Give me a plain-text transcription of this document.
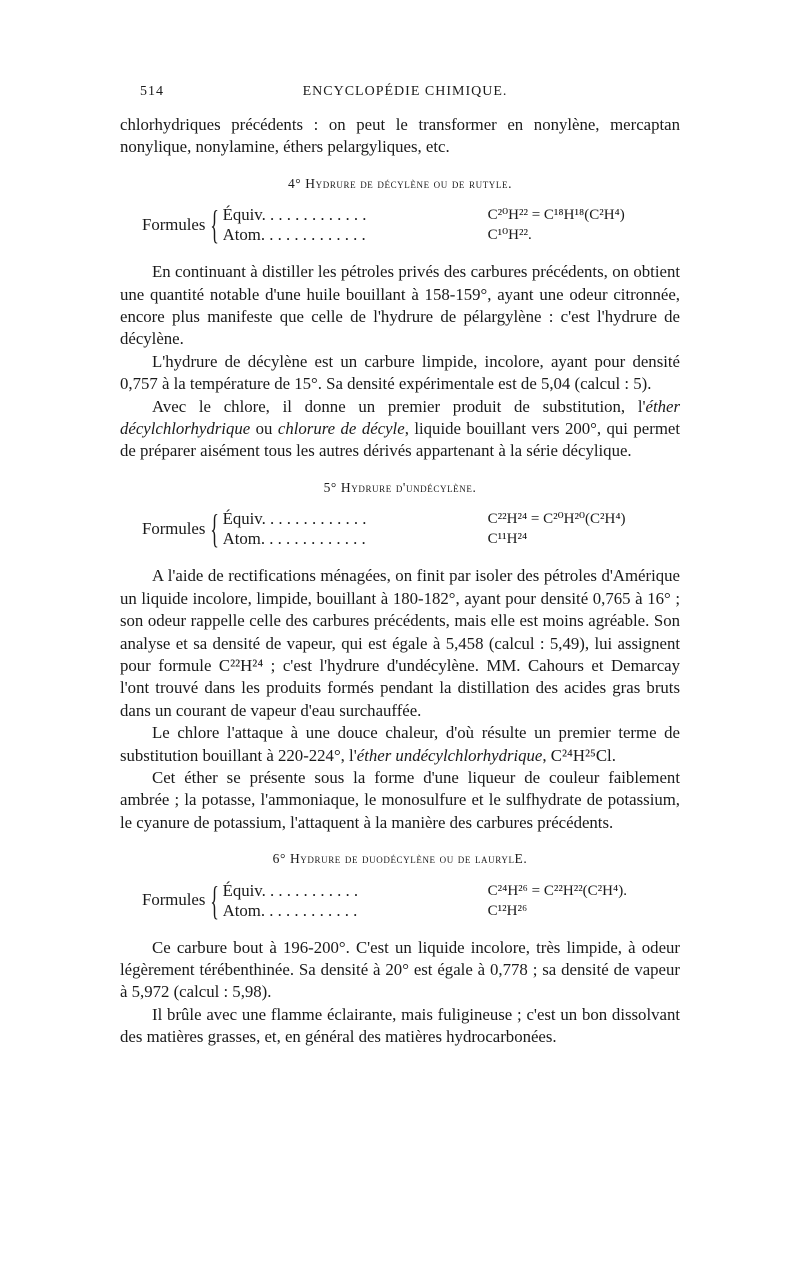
514	ENCYCLOPÉDIE CHIMIQUE.

chlorhydriques précédents : on peut le transformer en nonylène, mercaptan nonylique, nonylamine, éthers pelargyliques, etc.

4° Hydrure de décylène ou de rutyle.
Formules { Équiv. . . . . . . . . . . . .	C²⁰H²² = C¹⁸H¹⁸(C²H⁴)
Atom. . . . . . . . . . . . .	C¹⁰H²².

En continuant à distiller les pétroles privés des carbures précédents, on obtient une quantité notable d'une huile bouillant à 158-159°, ayant une odeur citronnée, encore plus manifeste que celle de l'hydrure de pélargylène : c'est l'hydrure de décylène.

L'hydrure de décylène est un carbure limpide, incolore, ayant pour densité 0,757 à la température de 15°. Sa densité expérimentale est de 5,04 (calcul : 5).

Avec le chlore, il donne un premier produit de substitution, l'éther décylchlorhydrique ou chlorure de décyle, liquide bouillant vers 200°, qui permet de préparer aisément tous les autres dérivés appartenant à la série décylique.

5° Hydrure d'undécylène.
Formules { Équiv. . . . . . . . . . . . .	C²²H²⁴ = C²⁰H²⁰(C²H⁴)
Atom. . . . . . . . . . . . .	C¹¹H²⁴

A l'aide de rectifications ménagées, on finit par isoler des pétroles d'Amérique un liquide incolore, limpide, bouillant à 180-182°, ayant pour densité 0,765 à 16° ; son odeur rappelle celle des carbures précédents, mais elle est moins agréable. Son analyse et sa densité de vapeur, qui est égale à 5,458 (calcul : 5,49), lui assignent pour formule C²²H²⁴ ; c'est l'hydrure d'undécylène. MM. Cahours et Demarcay l'ont trouvé dans les produits formés pendant la distillation des acides gras bruts dans un courant de vapeur d'eau surchauffée.

Le chlore l'attaque à une douce chaleur, d'où résulte un premier terme de substitution bouillant à 220-224°, l'éther undécylchlorhydrique, C²⁴H²⁵Cl.

Cet éther se présente sous la forme d'une liqueur de couleur faiblement ambrée ; la potasse, l'ammoniaque, le monosulfure et le sulfhydrate de potassium, le cyanure de potassium, l'attaquent à la manière des carbures précédents.

6° Hydrure de duodécylène ou de laurylE.
Formules { Équiv. . . . . . . . . . . .	C²⁴H²⁶ = C²²H²²(C²H⁴).
Atom. . . . . . . . . . . .	C¹²H²⁶

Ce carbure bout à 196-200°. C'est un liquide incolore, très limpide, à odeur légèrement térébenthinée. Sa densité à 20° est égale à 0,778 ; sa densité de vapeur à 5,972 (calcul : 5,98).

Il brûle avec une flamme éclairante, mais fuligineuse ; c'est un bon dissolvant des matières grasses, et, en général des matières hydrocarbonées.
